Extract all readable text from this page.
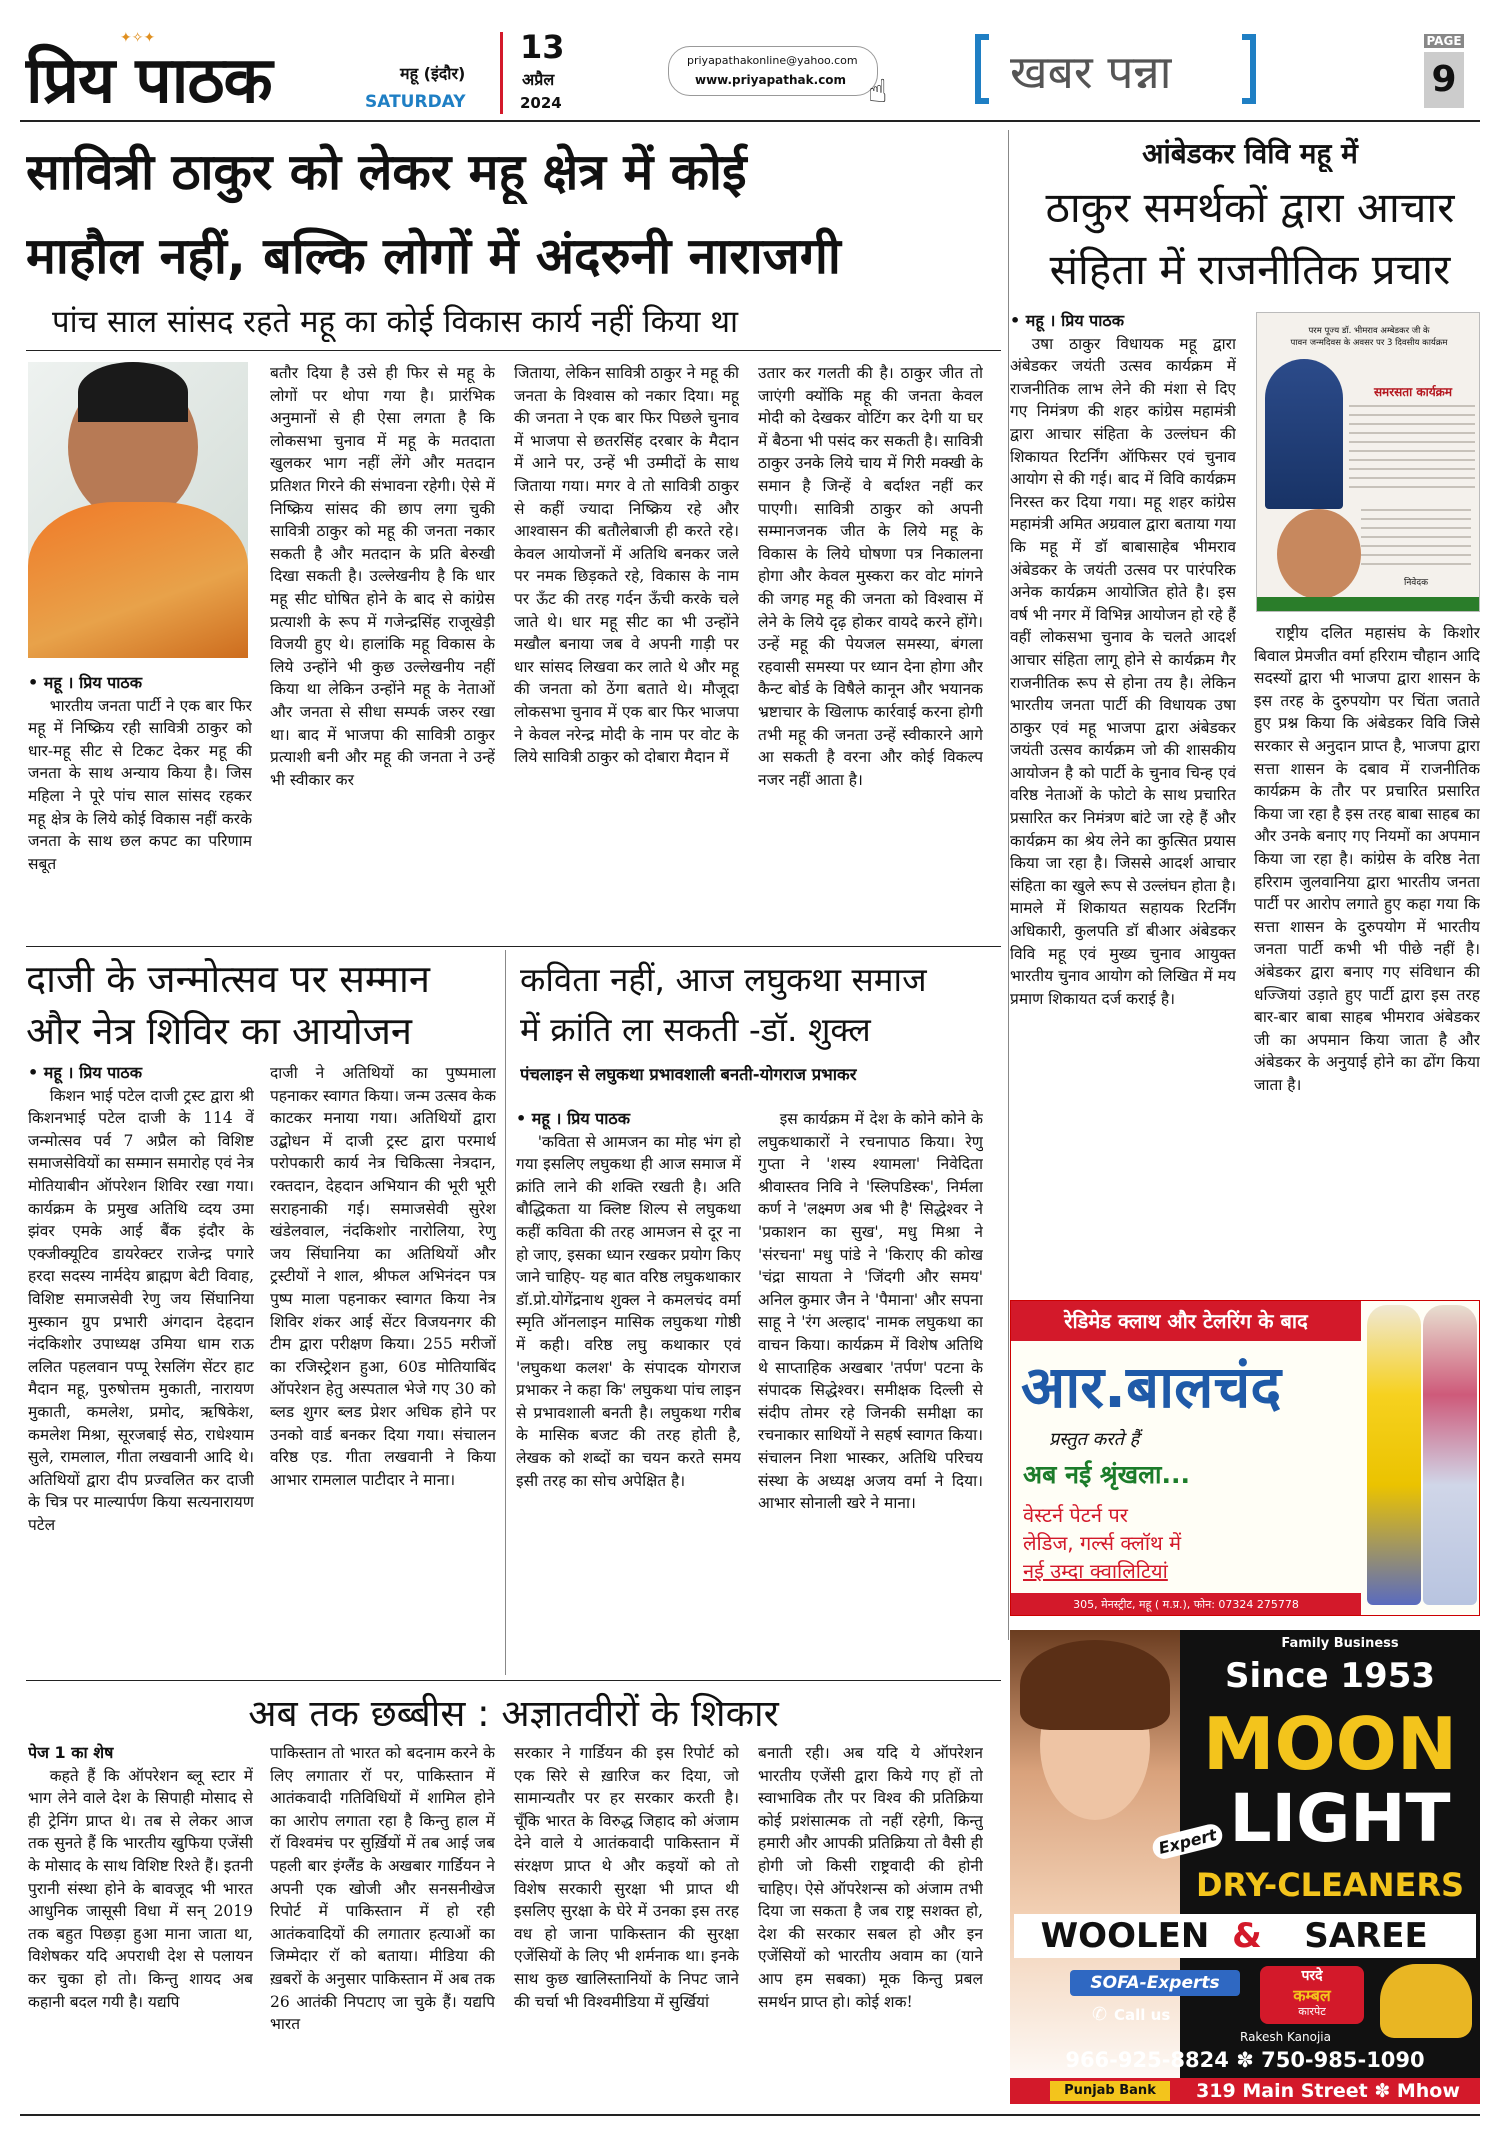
प्रिय पाठक
✦✧✦
महू (इंदौर)
SATURDAY
13
अप्रैल
2024
priyapathakonline@yahoo.com
www.priyapathak.com ☝	खबर पन्ना
PAGE
9
सावित्री ठाकुर को लेकर महू क्षेत्र में कोई
माहौल नहीं, बल्कि लोगों में अंदरुनी नाराजगी
पांच साल सांसद रहते महू का कोई विकास कार्य नहीं किया था

• महू । प्रिय पाठक

भारतीय जनता पार्टी ने एक बार फिर महू में निष्क्रिय रही सावित्री ठाकुर को धार-महू सीट से टिकट देकर महू की जनता के साथ अन्याय किया है। जिस महिला ने पूरे पांच साल सांसद रहकर महू क्षेत्र के लिये कोई विकास नहीं करके जनता के साथ छल कपट का परिणाम सबूत

बतौर दिया है उसे ही फिर से महू के लोगों पर थोपा गया है। प्रारंभिक अनुमानों से ही ऐसा लगता है कि लोकसभा चुनाव में महू के मतदाता खुलकर भाग नहीं लेंगे और मतदान प्रतिशत गिरने की संभावना रहेगी। ऐसे में निष्क्रिय सांसद की छाप लगा चुकी सावित्री ठाकुर को महू की जनता नकार सकती है और मतदान के प्रति बेरुखी दिखा सकती है। उल्लेखनीय है कि धार महू सीट घोषित होने के बाद से कांग्रेस प्रत्याशी के रूप में गजेन्द्रसिंह राजूखेड़ी विजयी हुए थे। हालांकि महू विकास के लिये उन्होंने भी कुछ उल्लेखनीय नहीं किया था लेकिन उन्होंने महू के नेताओं और जनता से सीधा सम्पर्क जरुर रखा था। बाद में भाजपा की सावित्री ठाकुर प्रत्याशी बनी और महू की जनता ने उन्हें भी स्वीकार कर

जिताया, लेकिन सावित्री ठाकुर ने महू की जनता के विश्वास को नकार दिया। महू की जनता ने एक बार फिर पिछले चुनाव में भाजपा से छतरसिंह दरबार के मैदान में आने पर, उन्हें भी उम्मीदों के साथ जिताया गया। मगर वे तो सावित्री ठाकुर से कहीं ज्यादा निष्क्रिय रहे और आश्वासन की बतौलेबाजी ही करते रहे। केवल आयोजनों में अतिथि बनकर जले पर नमक छिड़कते रहे, विकास के नाम पर ऊँट की तरह गर्दन ऊँची करके चले जाते थे। धार महू सीट का भी उन्होंने मखौल बनाया जब वे अपनी गाड़ी पर धार सांसद लिखवा कर लाते थे और महू की जनता को ठेंगा बताते थे। मौजूदा लोकसभा चुनाव में एक बार फिर भाजपा ने केवल नरेन्द्र मोदी के नाम पर वोट के लिये सावित्री ठाकुर को दोबारा मैदान में

उतार कर गलती की है। ठाकुर जीत तो जाएंगी क्योंकि महू की जनता केवल मोदी को देखकर वोटिंग कर देगी या घर में बैठना भी पसंद कर सकती है। सावित्री ठाकुर उनके लिये चाय में गिरी मक्खी के समान है जिन्हें वे बर्दाश्त नहीं कर पाएगी। सावित्री ठाकुर को अपनी सम्मानजनक जीत के लिये महू के विकास के लिये घोषणा पत्र निकालना होगा और केवल मुस्करा कर वोट मांगने की जगह महू की जनता को विश्वास में लेने के लिये दृढ़ होकर वायदे करने होंगे। उन्हें महू की पेयजल समस्या, बंगला रहवासी समस्या पर ध्यान देना होगा और कैन्ट बोर्ड के विषैले कानून और भयानक भ्रष्टाचार के खिलाफ कार्रवाई करना होगी तभी महू की जनता उन्हें स्वीकारने आगे आ सकती है वरना और कोई विकल्प नजर नहीं आता है।

आंबेडकर विवि महू में
ठाकुर समर्थकों द्वारा आचार
संहिता में राजनीतिक प्रचार

• महू । प्रिय पाठक

उषा ठाकुर विधायक महू द्वारा अंबेडकर जयंती उत्सव कार्यक्रम में राजनीतिक लाभ लेने की मंशा से दिए गए निमंत्रण की शहर कांग्रेस महामंत्री द्वारा आचार संहिता के उल्लंघन की शिकायत रिटर्निंग ऑफिसर एवं चुनाव आयोग से की गई। बाद में विवि कार्यक्रम निरस्त कर दिया गया। महू शहर कांग्रेस महामंत्री अमित अग्रवाल द्वारा बताया गया कि महू में डॉ बाबासाहेब भीमराव अंबेडकर के जयंती उत्सव पर पारंपरिक अनेक कार्यक्रम आयोजित होते है। इस वर्ष भी नगर में विभिन्न आयोजन हो रहे हैं वहीं लोकसभा चुनाव के चलते आदर्श आचार संहिता लागू होने से कार्यक्रम गैर राजनीतिक रूप से होना तय है। लेकिन भारतीय जनता पार्टी की विधायक उषा ठाकुर एवं महू भाजपा द्वारा अंबेडकर जयंती उत्सव कार्यक्रम जो की शासकीय आयोजन है को पार्टी के चुनाव चिन्ह एवं वरिष्ठ नेताओं के फोटो के साथ प्रचारित प्रसारित कर निमंत्रण बांटे जा रहे हैं और कार्यक्रम का श्रेय लेने का कुत्सित प्रयास किया जा रहा है। जिससे आदर्श आचार संहिता का खुले रूप से उल्लंघन होता है। मामले में शिकायत सहायक रिटर्निंग अधिकारी, कुलपति डॉ बीआर अंबेडकर विवि महू एवं मुख्य चुनाव आयुक्त भारतीय चुनाव आयोग को लिखित में मय प्रमाण शिकायत दर्ज कराई है।

परम पूज्य डॉ. भीमराव अम्बेडकर जी के
पावन जन्मदिवस के अवसर पर 3 दिवसीय कार्यक्रम
समरसता कार्यक्रम
निवेदक

राष्ट्रीय दलित महासंघ के किशोर बिवाल प्रेमजीत वर्मा हरिराम चौहान आदि सदस्यों द्वारा भी भाजपा द्वारा शासन के इस तरह के दुरुपयोग पर चिंता जताते हुए प्रश्न किया कि अंबेडकर विवि जिसे सरकार से अनुदान प्राप्त है, भाजपा द्वारा सत्ता शासन के दबाव में राजनीतिक कार्यक्रम के तौर पर प्रचारित प्रसारित किया जा रहा है इस तरह बाबा साहब का और उनके बनाए गए नियमों का अपमान किया जा रहा है। कांग्रेस के वरिष्ठ नेता हरिराम जुलवानिया द्वारा भारतीय जनता पार्टी पर आरोप लगाते हुए कहा गया कि सत्ता शासन के दुरुपयोग में भारतीय जनता पार्टी कभी भी पीछे नहीं है। अंबेडकर द्वारा बनाए गए संविधान की धज्जियां उड़ाते हुए पार्टी द्वारा इस तरह बार-बार बाबा साहब भीमराव अंबेडकर जी का अपमान किया जाता है और अंबेडकर के अनुयाई होने का ढोंग किया जाता है।

दाजी के जन्मोत्सव पर सम्मान
और नेत्र शिविर का आयोजन

• महू । प्रिय पाठक

किशन भाई पटेल दाजी ट्रस्ट द्वारा श्री किशनभाई पटेल दाजी के 114 वें जन्मोत्सव पर्व 7 अप्रैल को विशिष्ट समाजसेवियों का सम्मान समारोह एवं नेत्र मोतियाबीन ऑपरेशन शिविर रखा गया। कार्यक्रम के प्रमुख अतिथि व्दय उमा झंवर एमके आई बैंक इंदौर के एक्जीक्यूटिव डायरेक्टर राजेन्द्र पगारे हरदा सदस्य नार्मदेय ब्राह्मण बेटी विवाह, विशिष्ट समाजसेवी रेणु जय सिंघानिया मुस्कान ग्रुप प्रभारी अंगदान देहदान नंदकिशोर उपाध्यक्ष उमिया धाम राऊ ललित पहलवान पप्पू रेसलिंग सेंटर हाट मैदान महू, पुरुषोत्तम मुकाती, नारायण मुकाती, कमलेश, प्रमोद, ऋषिकेश, कमलेश मिश्रा, सूरजबाई सेठ, राधेश्याम सुले, रामलाल, गीता लखवानी आदि थे। अतिथियों द्वारा दीप प्रज्वलित कर दाजी के चित्र पर माल्यार्पण किया सत्यनारायण पटेल

दाजी ने अतिथियों का पुष्पमाला पहनाकर स्वागत किया। जन्म उत्सव केक काटकर मनाया गया। अतिथियों द्वारा उद्बोधन में दाजी ट्रस्ट द्वारा परमार्थ परोपकारी कार्य नेत्र चिकित्सा नेत्रदान, रक्तदान, देहदान अभियान की भूरी भूरी सराहनाकी गई। समाजसेवी सुरेश खंडेलवाल, नंदकिशोर नारोलिया, रेणु जय सिंघानिया का अतिथियों और ट्रस्टीयों ने शाल, श्रीफल अभिनंदन पत्र पुष्प माला पहनाकर स्वागत किया नेत्र शिविर शंकर आई सेंटर विजयनगर की टीम द्वारा परीक्षण किया। 255 मरीजों का रजिस्ट्रेशन हुआ, 60ड मोतियाबिंद ऑपरेशन हेतु अस्पताल भेजे गए 30 को ब्लड शुगर ब्लड प्रेशर अधिक होने पर उनको वार्ड बनकर दिया गया। संचालन वरिष्ठ एड. गीता लखवानी ने किया आभार रामलाल पाटीदार ने माना।

कविता नहीं, आज लघुकथा समाज
में क्रांति ला सकती -डॉ. शुक्ल
पंचलाइन से लघुकथा प्रभावशाली बनती-योगराज प्रभाकर

• महू । प्रिय पाठक

'कविता से आमजन का मोह भंग हो गया इसलिए लघुकथा ही आज समाज में क्रांति लाने की शक्ति रखती है। अति बौद्धिकता या क्लिष्ट शिल्प से लघुकथा कहीं कविता की तरह आमजन से दूर ना हो जाए, इसका ध्यान रखकर प्रयोग किए जाने चाहिए- यह बात वरिष्ठ लघुकथाकार डॉ.प्रो.योगेंद्रनाथ शुक्ल ने कमलचंद वर्मा स्मृति ऑनलाइन मासिक लघुकथा गोष्ठी में कही। वरिष्ठ लघु कथाकार एवं 'लघुकथा कलश' के संपादक योगराज प्रभाकर ने कहा कि' लघुकथा पांच लाइन से प्रभावशाली बनती है। लघुकथा गरीब के मासिक बजट की तरह होती है, लेखक को शब्दों का चयन करते समय इसी तरह का सोच अपेक्षित है।

इस कार्यक्रम में देश के कोने कोने के लघुकथाकारों ने रचनापाठ किया। रेणु गुप्ता ने 'शस्य श्यामला' निवेदिता श्रीवास्तव निवि ने 'स्लिपडिस्क', निर्मला कर्ण ने 'लक्ष्मण अब भी है' सिद्धेश्वर ने 'प्रकाशन का सुख', मधु मिश्रा ने 'संरचना' मधु पांडे ने 'किराए की कोख 'चंद्रा सायता ने 'जिंदगी और समय' अनिल कुमार जैन ने 'पैमाना' और सपना साहू ने 'रंग अल्हाद' नामक लघुकथा का वाचन किया। कार्यक्रम में विशेष अतिथि थे साप्ताहिक अखबार 'तर्पण' पटना के संपादक सिद्धेश्वर। समीक्षक दिल्ली से संदीप तोमर रहे जिनकी समीक्षा का रचनाकार साथियों ने सहर्ष स्वागत किया। संचालन निशा भास्कर, अतिथि परिचय संस्था के अध्यक्ष अजय वर्मा ने दिया। आभार सोनाली खरे ने माना।

रेडिमेड क्लाथ और टेलरिंग के बाद
आर.बालचंद
प्रस्तुत करते हैं
अब नई श्रृंखला...
वेस्टर्न पेटर्न पर
लेडिज, गर्ल्स क्लॉथ में
नई उम्दा क्वालिटियां
305, मेनस्ट्रीट, महू ( म.प्र.), फोन: 07324 275778
Family Business
Since 1953
MOON
Expert LIGHT
DRY-CLEANERS
WOOLEN &	SAREE
SOFA-Experts	परदे
कम्बल
कारपेट
✆ Call us
Rakesh Kanojia
966-925-8824 ✽ 750-985-1090
Punjab Bank	319 Main Street ✽ Mhow
अब तक छब्बीस : अज्ञातवीरों के शिकार

पेज 1 का शेष

कहते हैं कि ऑपरेशन ब्लू स्टार में भाग लेने वाले देश के सिपाही मोसाद से ही ट्रेनिंग प्राप्त थे। तब से लेकर आज तक सुनते हैं कि भारतीय खुफिया एजेंसी के मोसाद के साथ विशिष्ट रिश्ते हैं। इतनी पुरानी संस्था होने के बावजूद भी भारत आधुनिक जासूसी विधा में सन् 2019 तक बहुत पिछड़ा हुआ माना जाता था, विशेषकर यदि अपराधी देश से पलायन कर चुका हो तो। किन्तु शायद अब कहानी बदल गयी है। यद्यपि

पाकिस्तान तो भारत को बदनाम करने के लिए लगातार रॉ पर, पाकिस्तान में आतंकवादी गतिविधियों में शामिल होने का आरोप लगाता रहा है किन्तु हाल में रॉ विश्वमंच पर सुर्ख़ियों में तब आई जब पहली बार इंग्लैंड के अखबार गार्डियन ने अपनी एक खोजी और सनसनीखेज रिपोर्ट में पाकिस्तान में हो रही आतंकवादियों की लगातार हत्याओं का जिम्मेदार रॉ को बताया। मीडिया की ख़बरों के अनुसार पाकिस्तान में अब तक 26 आतंकी निपटाए जा चुके हैं। यद्यपि भारत

सरकार ने गार्डियन की इस रिपोर्ट को एक सिरे से ख़ारिज कर दिया, जो सामान्यतौर पर हर सरकार करती है। चूँकि भारत के विरुद्ध जिहाद को अंजाम देने वाले ये आतंकवादी पाकिस्तान में संरक्षण प्राप्त थे और कइयों को तो विशेष सरकारी सुरक्षा भी प्राप्त थी इसलिए सुरक्षा के घेरे में उनका इस तरह वध हो जाना पाकिस्तान की सुरक्षा एजेंसियों के लिए भी शर्मनाक था। इनके साथ कुछ खालिस्तानियों के निपट जाने की चर्चा भी विश्वमीडिया में सुर्खियां

बनाती रही। अब यदि ये ऑपरेशन भारतीय एजेंसी द्वारा किये गए हों तो स्वाभाविक तौर पर विश्व की प्रतिक्रिया कोई प्रशंसात्मक तो नहीं रहेगी, किन्तु हमारी और आपकी प्रतिक्रिया तो वैसी ही होगी जो किसी राष्ट्रवादी की होनी चाहिए। ऐसे ऑपरेशन्स को अंजाम तभी दिया जा सकता है जब राष्ट्र सशक्त हो, देश की सरकार सबल हो और इन एजेंसियों को भारतीय अवाम का (याने आप हम सबका) मूक किन्तु प्रबल समर्थन प्राप्त हो। कोई शक!
